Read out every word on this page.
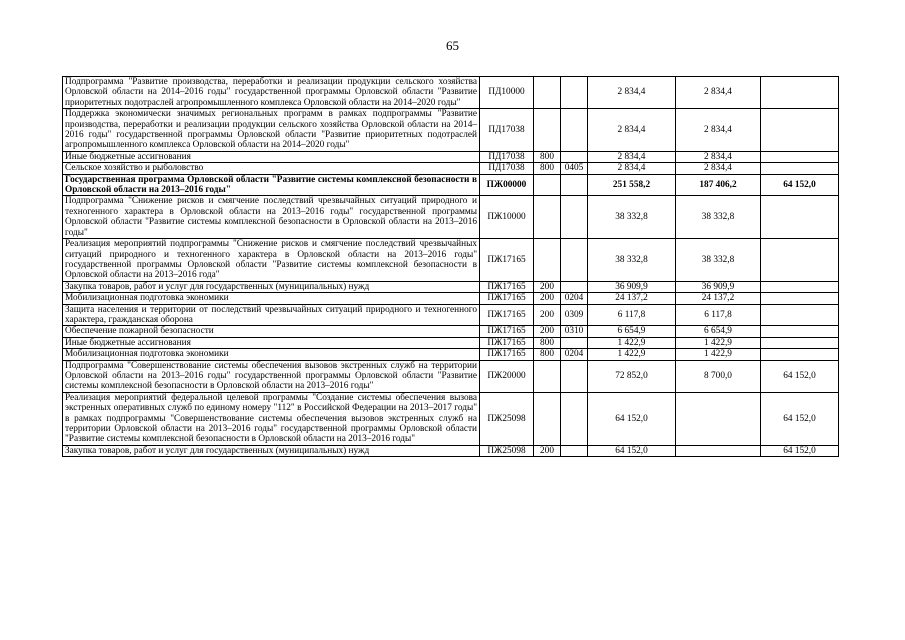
65
Подпрограмма "Развитие производства, переработки и реализации продукции сельского хозяйства Орловской области на 2014–2016 годы" государственной программы Орловской области "Развитие приоритетных подотраслей агропромышленного комплекса Орловской области на 2014–2020 годы"	ПД10000			2 834,4	2 834,4	
Поддержка экономически значимых региональных программ в рамках подпрограммы "Развитие производства, переработки и реализации продукции сельского хозяйства Орловской области на 2014–2016 годы" государственной программы Орловской области "Развитие приоритетных подотраслей агропромышленного комплекса Орловской области на 2014–2020 годы"	ПД17038			2 834,4	2 834,4	
Иные бюджетные ассигнования	ПД17038	800		2 834,4	2 834,4	
Сельское хозяйство и рыболовство	ПД17038	800	0405	2 834,4	2 834,4	
Государственная программа Орловской области "Развитие системы комплексной безопасности в Орловской области на 2013–2016 годы"	ПЖ00000			251 558,2	187 406,2	64 152,0
Подпрограмма "Снижение рисков и смягчение последствий чрезвычайных ситуаций природного и техногенного характера в Орловской области на 2013–2016 годы" государственной программы Орловской области "Развитие системы комплексной безопасности в Орловской области на 2013–2016 годы"	ПЖ10000			38 332,8	38 332,8	
Реализация мероприятий подпрограммы "Снижение рисков и смягчение последствий чрезвычайных ситуаций природного и техногенного характера в Орловской области на 2013–2016 годы" государственной программы Орловской области "Развитие системы комплексной безопасности в Орловской области на 2013–2016 года"	ПЖ17165			38 332,8	38 332,8	
Закупка товаров, работ и услуг для государственных (муниципальных) нужд	ПЖ17165	200		36 909,9	36 909,9	
Мобилизационная подготовка экономики	ПЖ17165	200	0204	24 137,2	24 137,2	
Защита населения и территории от последствий чрезвычайных ситуаций природного и техногенного характера, гражданская оборона	ПЖ17165	200	0309	6 117,8	6 117,8	
Обеспечение пожарной безопасности	ПЖ17165	200	0310	6 654,9	6 654,9	
Иные бюджетные ассигнования	ПЖ17165	800		1 422,9	1 422,9	
Мобилизационная подготовка экономики	ПЖ17165	800	0204	1 422,9	1 422,9	
Подпрограмма "Совершенствование системы обеспечения вызовов экстренных служб на территории Орловской области на 2013–2016 годы" государственной программы Орловской области "Развитие системы комплексной безопасности в Орловской области на 2013–2016 годы"	ПЖ20000			72 852,0	8 700,0	64 152,0
Реализация мероприятий федеральной целевой программы "Создание системы обеспечения вызова экстренных оперативных служб по единому номеру "112" в Российской Федерации на 2013–2017 годы" в рамках подпрограммы "Совершенствование системы обеспечения вызовов экстренных служб на территории Орловской области на 2013–2016 годы" государственной программы Орловской области "Развитие системы комплексной безопасности в Орловской области на 2013–2016 годы"	ПЖ25098			64 152,0		64 152,0
Закупка товаров, работ и услуг для государственных (муниципальных) нужд	ПЖ25098	200		64 152,0		64 152,0
